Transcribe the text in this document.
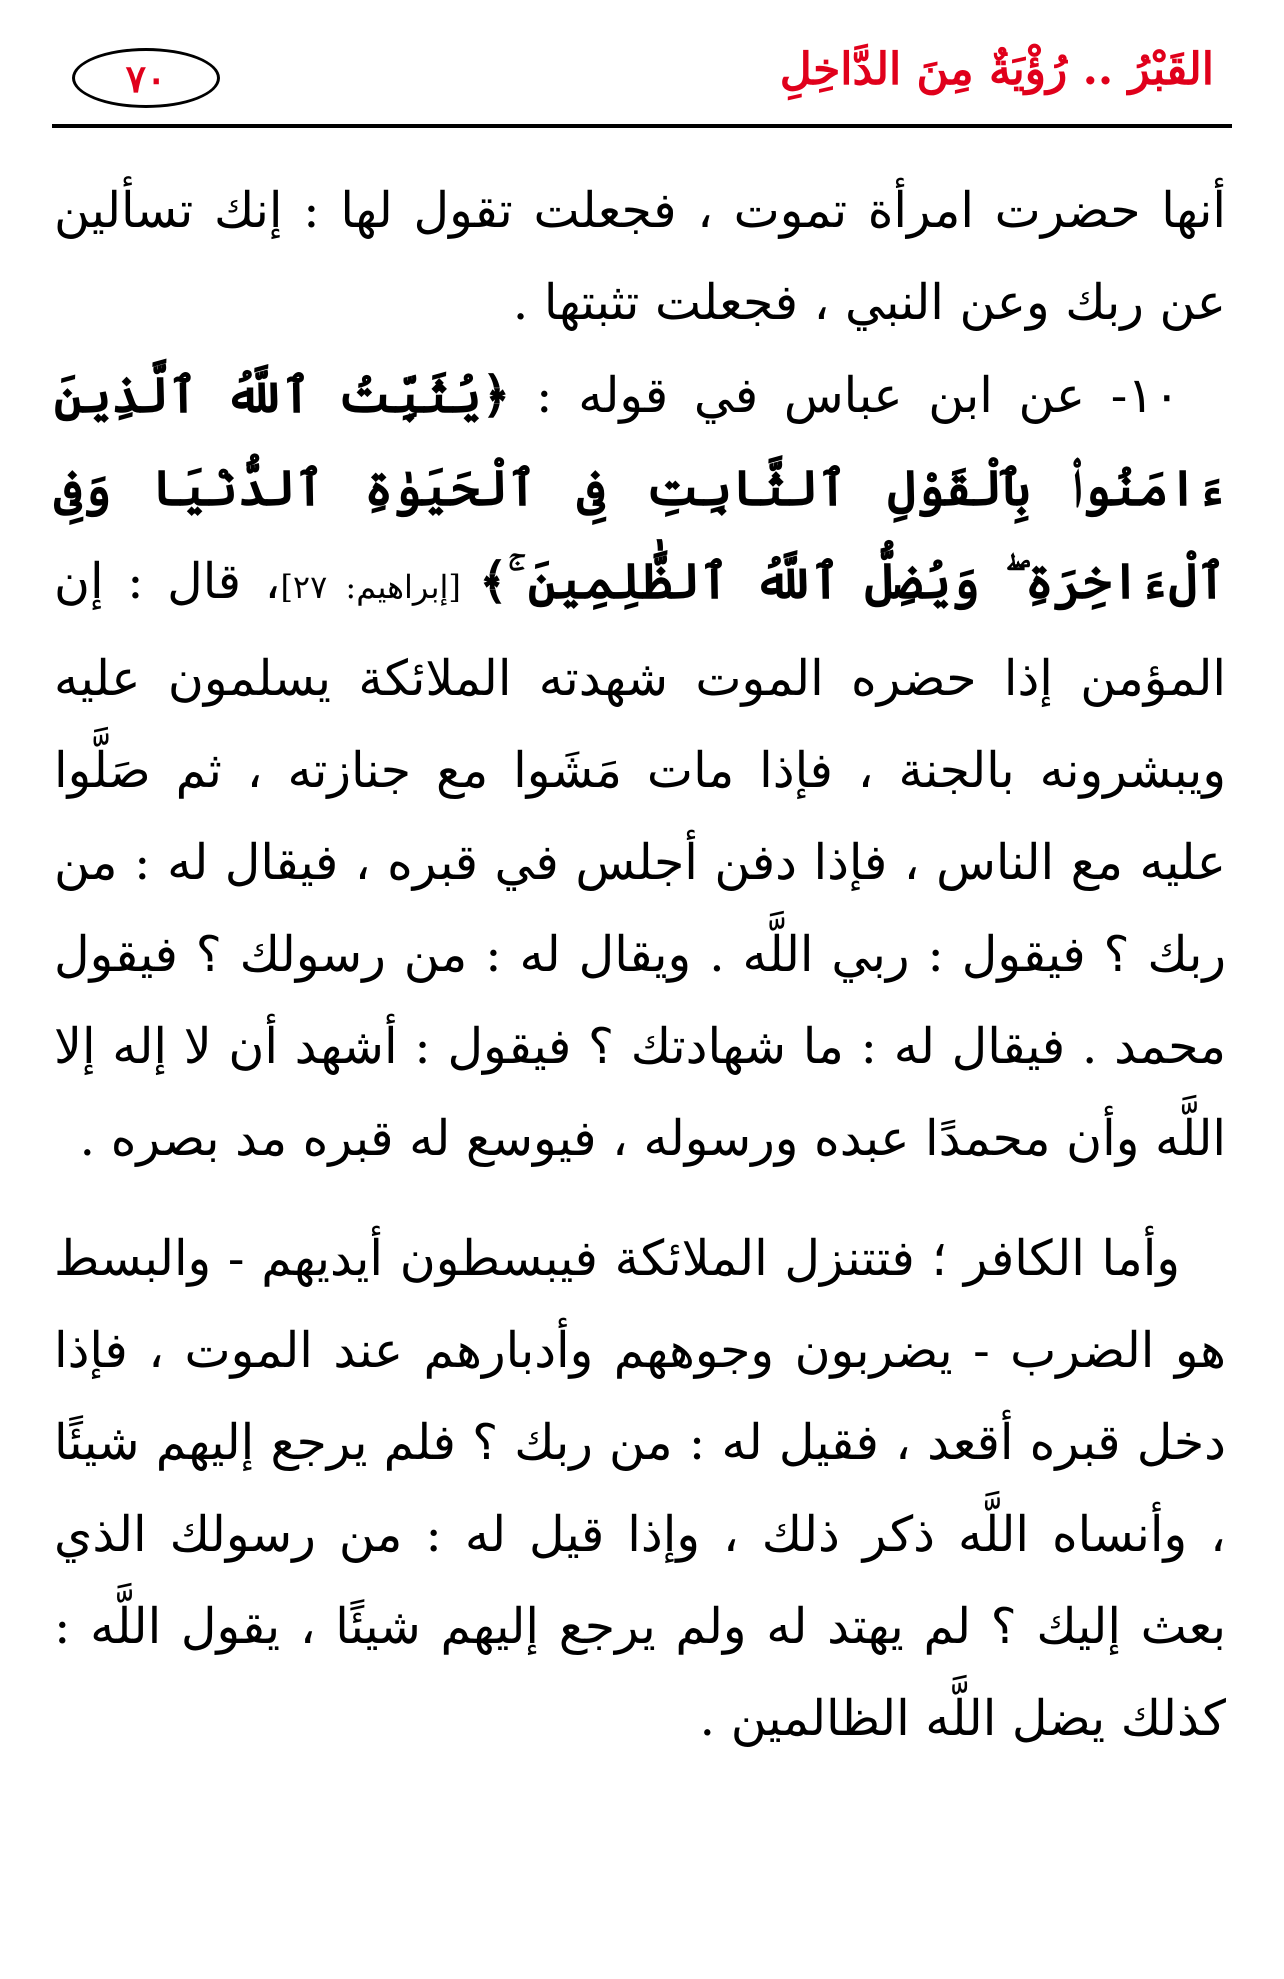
٧٠	القَبْرُ .. رُؤْيَةٌ مِنَ الدَّاخِلِ

أنها حضرت امرأة تموت ، فجعلت تقول لها : إنك تسألين عن ربك وعن النبي ، فجعلت تثبتها .

١٠- عن ابن عباس في قوله : ﴿يُثَبِّتُ ٱللَّهُ ٱلَّذِينَ ءَامَنُوا۟ بِٱلْقَوْلِ ٱلثَّابِتِ فِى ٱلْحَيَوٰةِ ٱلدُّنْيَا وَفِى ٱلْءَاخِرَةِ ۖ وَيُضِلُّ ٱللَّهُ ٱلظَّٰلِمِينَ ۚ﴾ [إبراهيم: ٢٧]، قال : إن المؤمن إذا حضره الموت شهدته الملائكة يسلمون عليه ويبشرونه بالجنة ، فإذا مات مَشَوا مع جنازته ، ثم صَلَّوا عليه مع الناس ، فإذا دفن أجلس في قبره ، فيقال له : من ربك ؟ فيقول : ربي اللَّه . ويقال له : من رسولك ؟ فيقول محمد . فيقال له : ما شهادتك ؟ فيقول : أشهد أن لا إله إلا اللَّه وأن محمدًا عبده ورسوله ، فيوسع له قبره مد بصره .

وأما الكافر ؛ فتتنزل الملائكة فيبسطون أيديهم - والبسط هو الضرب - يضربون وجوههم وأدبارهم عند الموت ، فإذا دخل قبره أقعد ، فقيل له : من ربك ؟ فلم يرجع إليهم شيئًا ، وأنساه اللَّه ذكر ذلك ، وإذا قيل له : من رسولك الذي بعث إليك ؟ لم يهتد له ولم يرجع إليهم شيئًا ، يقول اللَّه : كذلك يضل اللَّه الظالمين .
